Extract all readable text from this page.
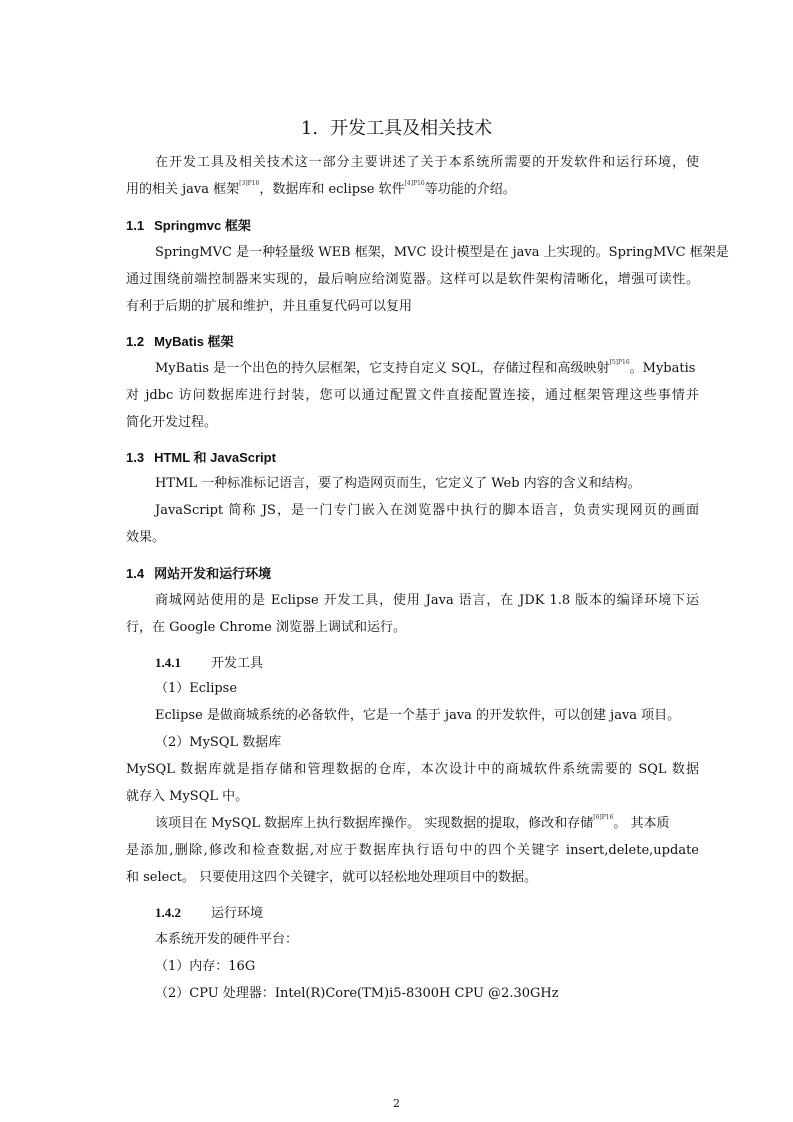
1. 开发工具及相关技术
在开发工具及相关技术这一部分主要讲述了关于本系统所需要的开发软件和运行环境，使
用的相关 java 框架$^{[3]P16}$，数据库和 eclipse 软件$^{[4]P16}$等功能的介绍。
1.1 Springmvc 框架
SpringMVC 是一种轻量级 WEB 框架，MVC 设计模型是在 java 上实现的。SpringMVC 框架是
通过围绕前端控制器来实现的，最后响应给浏览器。这样可以是软件架构清晰化，增强可读性。
有利于后期的扩展和维护，并且重复代码可以复用
1.2 MyBatis 框架
MyBatis 是一个出色的持久层框架，它支持自定义 SQL，存储过程和高级映射$^{[5]P16}$。Mybatis
对 jdbc 访问数据库进行封装，您可以通过配置文件直接配置连接，通过框架管理这些事情并
简化开发过程。
1.3 HTML 和 JavaScript
HTML 一种标准标记语言，要了构造网页而生，它定义了 Web 内容的含义和结构。
JavaScript 简称 JS，是一门专门嵌入在浏览器中执行的脚本语言，负责实现网页的画面
效果。
1.4 网站开发和运行环境
商城网站使用的是 Eclipse 开发工具，使用 Java 语言，在 JDK 1.8 版本的编译环境下运
行，在 Google Chrome 浏览器上调试和运行。
1.4.1 开发工具
（1）Eclipse
Eclipse 是做商城系统的必备软件，它是一个基于 java 的开发软件，可以创建 java 项目。
（2）MySQL 数据库
MySQL 数据库就是指存储和管理数据的仓库，本次设计中的商城软件系统需要的 SQL 数据
就存入 MySQL 中。
该项目在 MySQL 数据库上执行数据库操作。 实现数据的提取，修改和存储$^{[6]P16}$。 其本质
是添加,删除,修改和检查数据,对应于数据库执行语句中的四个关键字 insert,delete,update
和 select。 只要使用这四个关键字，就可以轻松地处理项目中的数据。
1.4.2 运行环境
本系统开发的硬件平台：
（1）内存：16G
（2）CPU 处理器：Intel(R)Core(TM)i5-8300H CPU @2.30GHz
2
